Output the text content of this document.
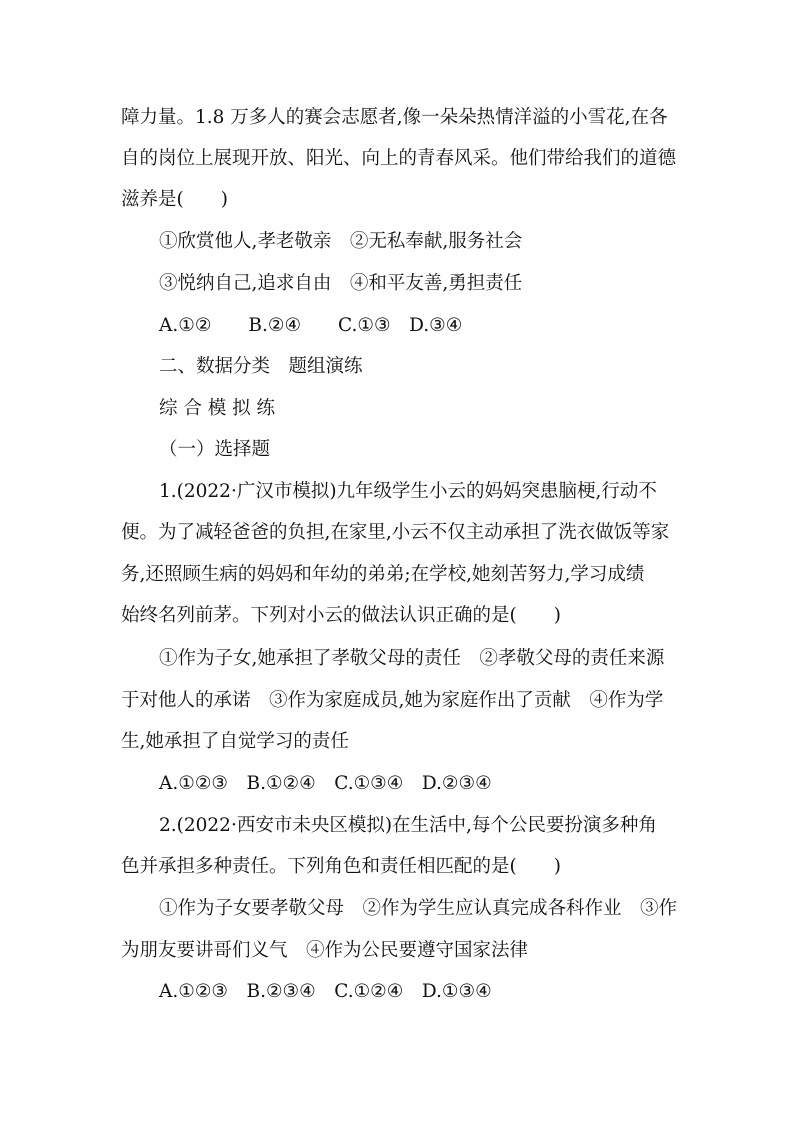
障力量。1.8 万多人的赛会志愿者,像一朵朵热情洋溢的小雪花,在各
自的岗位上展现开放、阳光、向上的青春风采。他们带给我们的道德
滋养是(　　)
①欣赏他人,孝老敬亲　②无私奉献,服务社会
③悦纳自己,追求自由　④和平友善,勇担责任
A.①②　　B.②④　　C.①③　D.③④
二、数据分类　题组演练
综 合 模 拟 练
（一）选择题
1.(2022·广汉市模拟)九年级学生小云的妈妈突患脑梗,行动不
便。为了减轻爸爸的负担,在家里,小云不仅主动承担了洗衣做饭等家
务,还照顾生病的妈妈和年幼的弟弟;在学校,她刻苦努力,学习成绩
始终名列前茅。下列对小云的做法认识正确的是(　　)
①作为子女,她承担了孝敬父母的责任　②孝敬父母的责任来源
于对他人的承诺　③作为家庭成员,她为家庭作出了贡献　④作为学
生,她承担了自觉学习的责任
A.①②③　B.①②④　C.①③④　D.②③④
2.(2022·西安市未央区模拟)在生活中,每个公民要扮演多种角
色并承担多种责任。下列角色和责任相匹配的是(　　)
①作为子女要孝敬父母　②作为学生应认真完成各科作业　③作
为朋友要讲哥们义气　④作为公民要遵守国家法律
A.①②③　B.②③④　C.①②④　D.①③④
